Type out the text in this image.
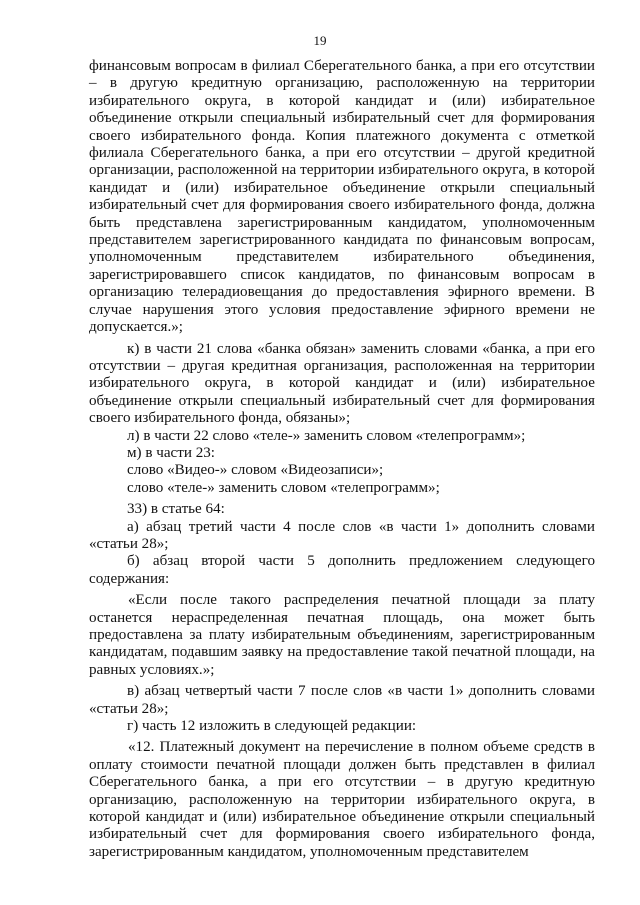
19

финансовым вопросам в филиал Сберегательного банка, а при его отсутствии – в другую кредитную организацию, расположенную на территории избирательного округа, в которой кандидат и (или) избирательное объединение открыли специальный избирательный счет для формирования своего избирательного фонда. Копия платежного документа с отметкой филиала Сберегательного банка, а при его отсутствии – другой кредитной организации, расположенной на территории избирательного округа, в которой кандидат и (или) избирательное объединение открыли специальный избирательный счет для формирования своего избирательного фонда, должна быть представлена зарегистрированным кандидатом, уполномоченным представителем зарегистрированного кандидата по финансовым вопросам, уполномоченным представителем избирательного объединения, зарегистрировавшего список кандидатов, по финансовым вопросам в организацию телерадиовещания до предоставления эфирного времени. В случае нарушения этого условия предоставление эфирного времени не допускается.»;

к) в части 21 слова «банка обязан» заменить словами «банка, а при его отсутствии – другая кредитная организация, расположенная на территории избирательного округа, в которой кандидат и (или) избирательное объединение открыли специальный избирательный счет для формирования своего избирательного фонда, обязаны»;

л) в части 22 слово «теле-» заменить словом «телепрограмм»;

м) в части 23:

слово «Видео-» словом «Видеозаписи»;

слово «теле-» заменить словом «телепрограмм»;

33) в статье 64:

а) абзац третий части 4 после слов «в части 1» дополнить словами «статьи 28»;

б) абзац второй части 5 дополнить предложением следующего содержания:

«Если после такого распределения печатной площади за плату останется нераспределенная печатная площадь, она может быть предоставлена за плату избирательным объединениям, зарегистрированным кандидатам, подавшим заявку на предоставление такой печатной площади, на равных условиях.»;

в) абзац четвертый части 7 после слов «в части 1» дополнить словами «статьи 28»;

г) часть 12 изложить в следующей редакции:

«12. Платежный документ на перечисление в полном объеме средств в оплату стоимости печатной площади должен быть представлен в филиал Сберегательного банка, а при его отсутствии – в другую кредитную организацию, расположенную на территории избирательного округа, в которой кандидат и (или) избирательное объединение открыли специальный избирательный счет для формирования своего избирательного фонда, зарегистрированным кандидатом, уполномоченным представителем
